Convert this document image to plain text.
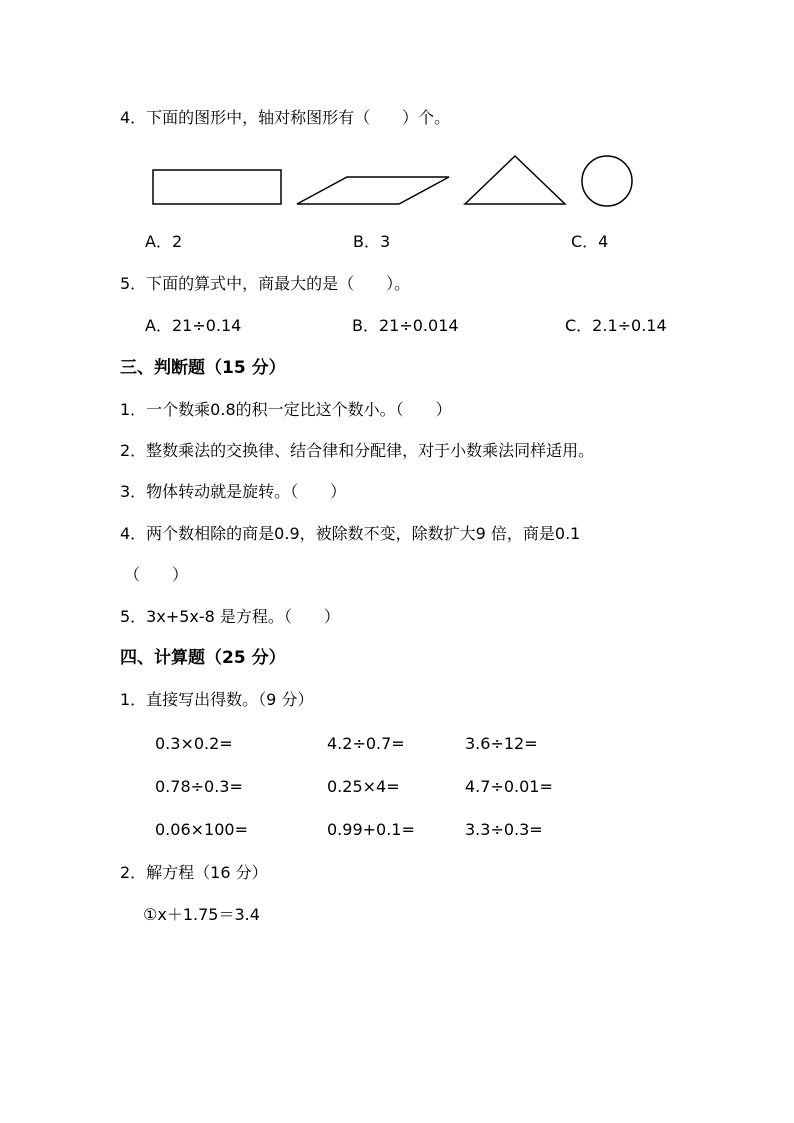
4．下面的图形中，轴对称图形有（　　）个。
A．2	B．3	C．4
5．下面的算式中，商最大的是（　　）。
A．21÷0.14	B．21÷0.014	C．2.1÷0.14
三、判断题（15 分）
1．一个数乘0.8的积一定比这个数小。（　　）
2．整数乘法的交换律、结合律和分配律，对于小数乘法同样适用。
3．物体转动就是旋转。（　　）
4．两个数相除的商是0.9，被除数不变，除数扩大9 倍，商是0.1
（　　）
5．3x+5x-8 是方程。（　　）
四、计算题（25 分）
1．直接写出得数。（9 分）
0.3×0.2=	4.2÷0.7=	3.6÷12=
0.78÷0.3=	0.25×4=	4.7÷0.01=
0.06×100=	0.99+0.1=	3.3÷0.3=
2．解方程（16 分）
①x＋1.75＝3.4
